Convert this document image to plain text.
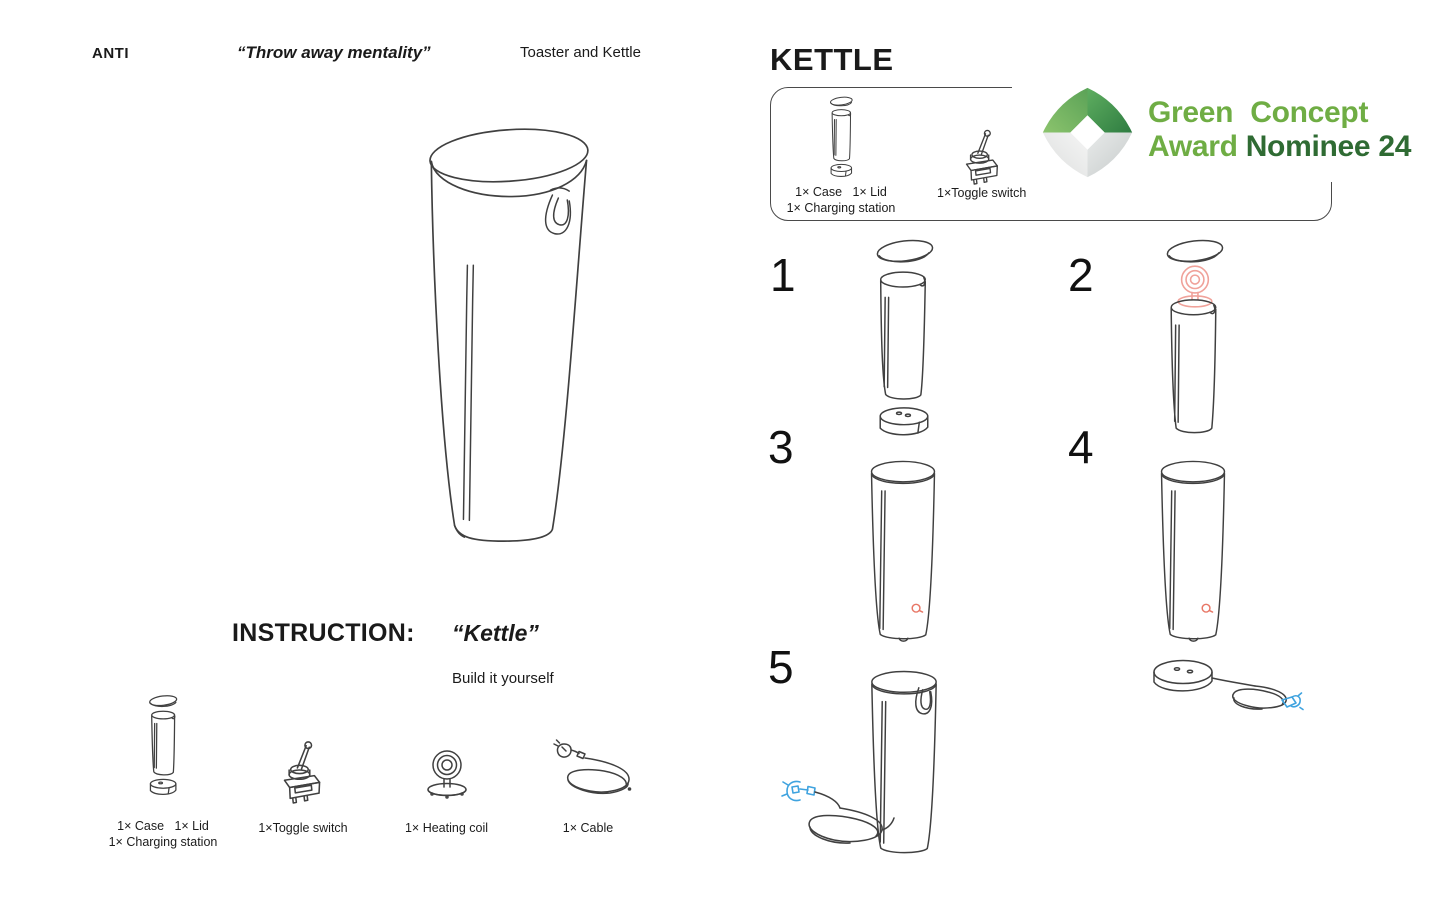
ANTI	“Throw away mentality”	Toaster and Kettle
INSTRUCTION: “Kettle”
Build it yourself
1× Case   1× Lid
1× Charging station
1×Toggle switch	1× Heating coil	1× Cable
KETTLE
1× Case   1× Lid
1× Charging station
1×Toggle switch
Green Concept
Award Nominee 24
1	2
3	4
5
